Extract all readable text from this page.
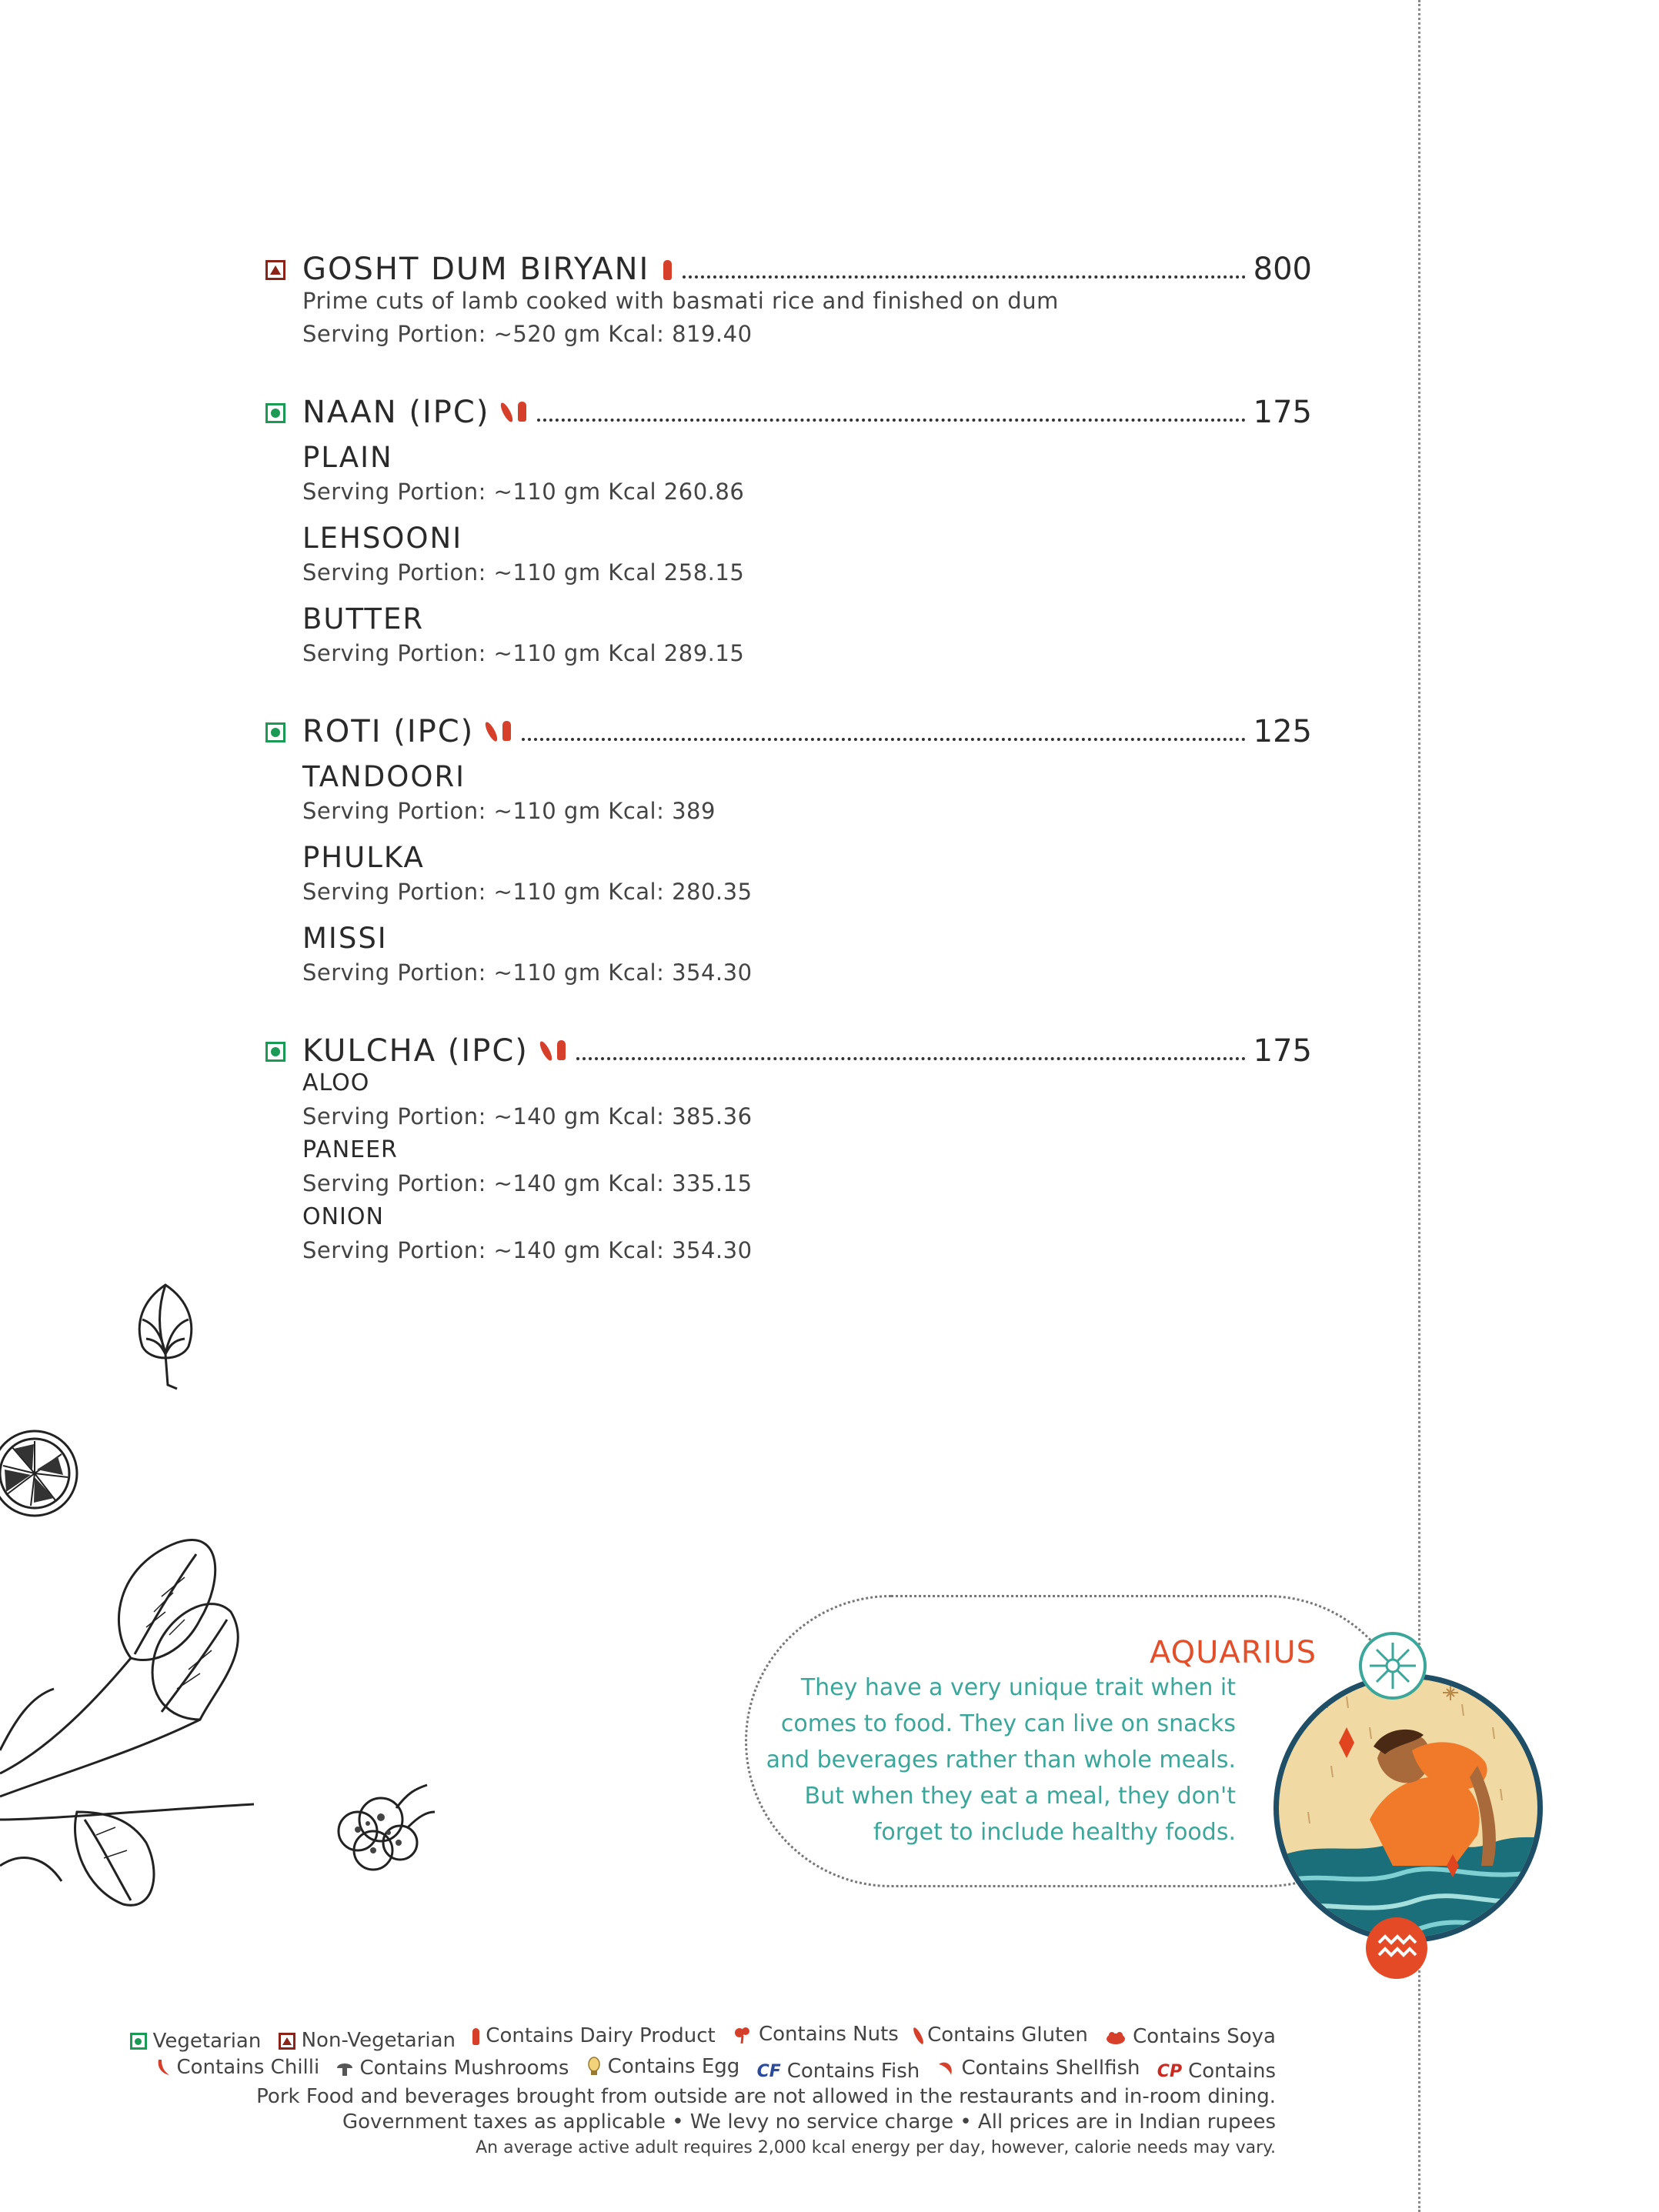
GOSHT DUM BIRYANI	800
Prime cuts of lamb cooked with basmati rice and finished on dum
Serving Portion: ~520 gm Kcal: 819.40
NAAN (IPC)	175
PLAIN
Serving Portion: ~110 gm Kcal 260.86
LEHSOONI
Serving Portion: ~110 gm Kcal 258.15
BUTTER
Serving Portion: ~110 gm Kcal 289.15
ROTI (IPC)	125
TANDOORI
Serving Portion: ~110 gm Kcal: 389
PHULKA
Serving Portion: ~110 gm Kcal: 280.35
MISSI
Serving Portion: ~110 gm Kcal: 354.30
KULCHA (IPC)	175
ALOO
Serving Portion: ~140 gm Kcal: 385.36
PANEER
Serving Portion: ~140 gm Kcal: 335.15
ONION
Serving Portion: ~140 gm Kcal: 354.30
AQUARIUS
They have a very unique trait when it
comes to food. They can live on snacks
and beverages rather than whole meals.
But when they eat a meal, they don't
forget to include healthy foods.
Vegetarian
Non-Vegetarian
Contains Dairy Product
Contains Nuts
Contains Gluten
Contains Soya
Contains Chilli
Contains Mushrooms
Contains Egg
CF Contains Fish
Contains Shellfish
CP Contains
Pork Food and beverages brought from outside are not allowed in the restaurants and in-room dining.
Government taxes as applicable • We levy no service charge • All prices are in Indian rupees
An average active adult requires 2,000 kcal energy per day, however, calorie needs may vary.
